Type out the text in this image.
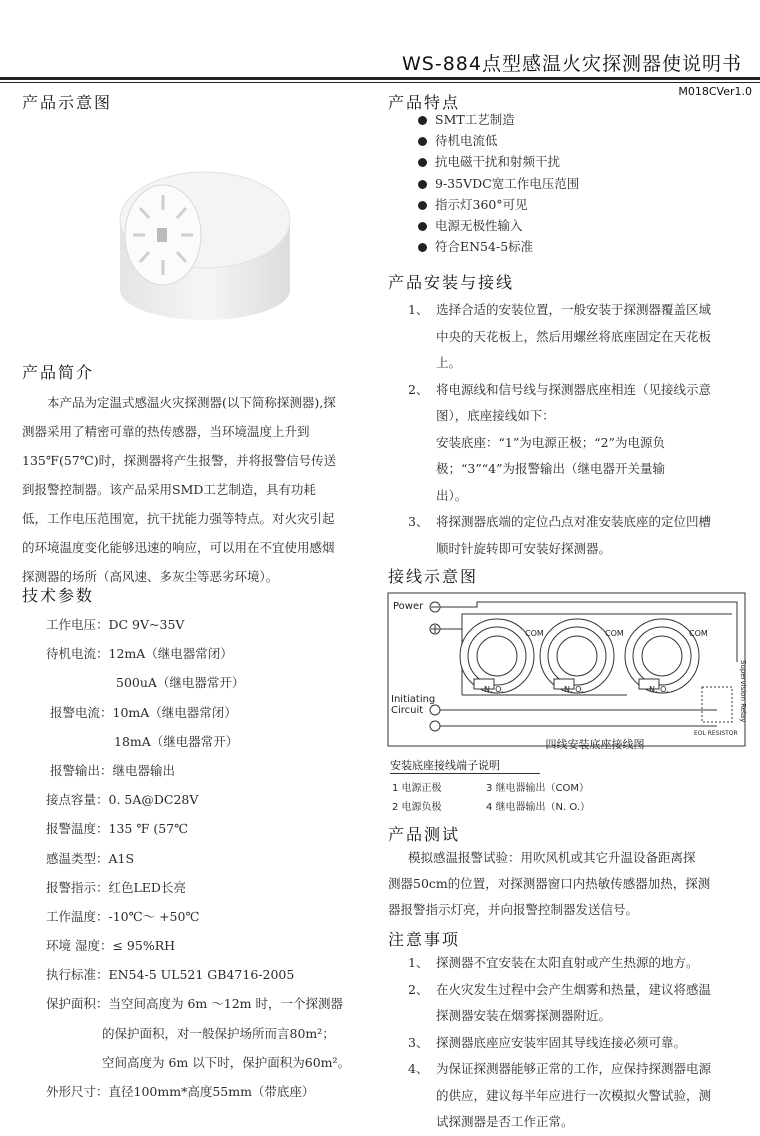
WS-884点型感温火灾探测器使说明书
M018CVer1.0
产品示意图
产品简介

本产品为定温式感温火灾探测器(以下简称探测器),探

测器采用了精密可靠的热传感器，当环境温度上升到

135℉(57℃)时，探测器将产生报警，并将报警信号传送

到报警控制器。该产品采用SMD工艺制造，具有功耗

低，工作电压范围宽，抗干扰能力强等特点。对火灾引起

的环境温度变化能够迅速的响应，可以用在不宜使用感烟

探测器的场所（高风速、多灰尘等恶劣环境）。

技术参数
工作电压：DC 9V~35V
待机电流：12mA（继电器常闭）
500uA（继电器常开）
报警电流：10mA（继电器常闭）
18mA（继电器常开）
报警输出：继电器输出
接点容量：0. 5A@DC28V
报警温度：135 ℉ (57℃
感温类型：A1S
报警指示：红色LED长亮
工作温度：-10℃～ +50℃
环境 湿度：≤ 95%RH
执行标准：EN54-5 UL521 GB4716-2005
保护面积：当空间高度为 6m ～12m 时，一个探测器
的保护面积，对一般保护场所而言80m²；
空间高度为 6m 以下时，保护面积为60m²。
外形尺寸：直径100mm*高度55mm（带底座）
产品特点
SMT工艺制造
待机电流低
抗电磁干扰和射频干扰
9-35VDC宽工作电压范围
指示灯360°可见
电源无极性输入
符合EN54-5标准
产品安装与接线
1、 选择合适的安装位置，一般安装于探测器覆盖区域
中央的天花板上，然后用螺丝将底座固定在天花板
上。
2、 将电源线和信号线与探测器底座相连（见接线示意
图），底座接线如下：
安装底座：“1”为电源正极；“2”为电源负
极；“3”“4”为报警输出（继电器开关量输
出）。
3、 将探测器底端的定位凸点对准安装底座的定位凹槽
顺时针旋转即可安装好探测器。
接线示意图
Power
Initiating
Circuit
COM	COM	COM
N. O.	N. O.	N. O.
EOL RESISTOR
Supervision Relay
四线安装底座接线图
安装底座接线端子说明
1 电源正极	3 继电器输出（COM）
2 电源负极	4 继电器输出（N. O.）
产品测试

模拟感温报警试验：用吹风机或其它升温设备距离探

测器50cm的位置，对探测器窗口内热敏传感器加热，探测

器报警指示灯亮，并向报警控制器发送信号。

注意事项
1、 探测器不宜安装在太阳直射或产生热源的地方。
2、 在火灾发生过程中会产生烟雾和热量，建议将感温
探测器安装在烟雾探测器附近。
3、 探测器底座应安装牢固其导线连接必须可靠。
4、 为保证探测器能够正常的工作，应保持探测器电源
的供应，建议每半年应进行一次模拟火警试验，测
试探测器是否工作正常。
